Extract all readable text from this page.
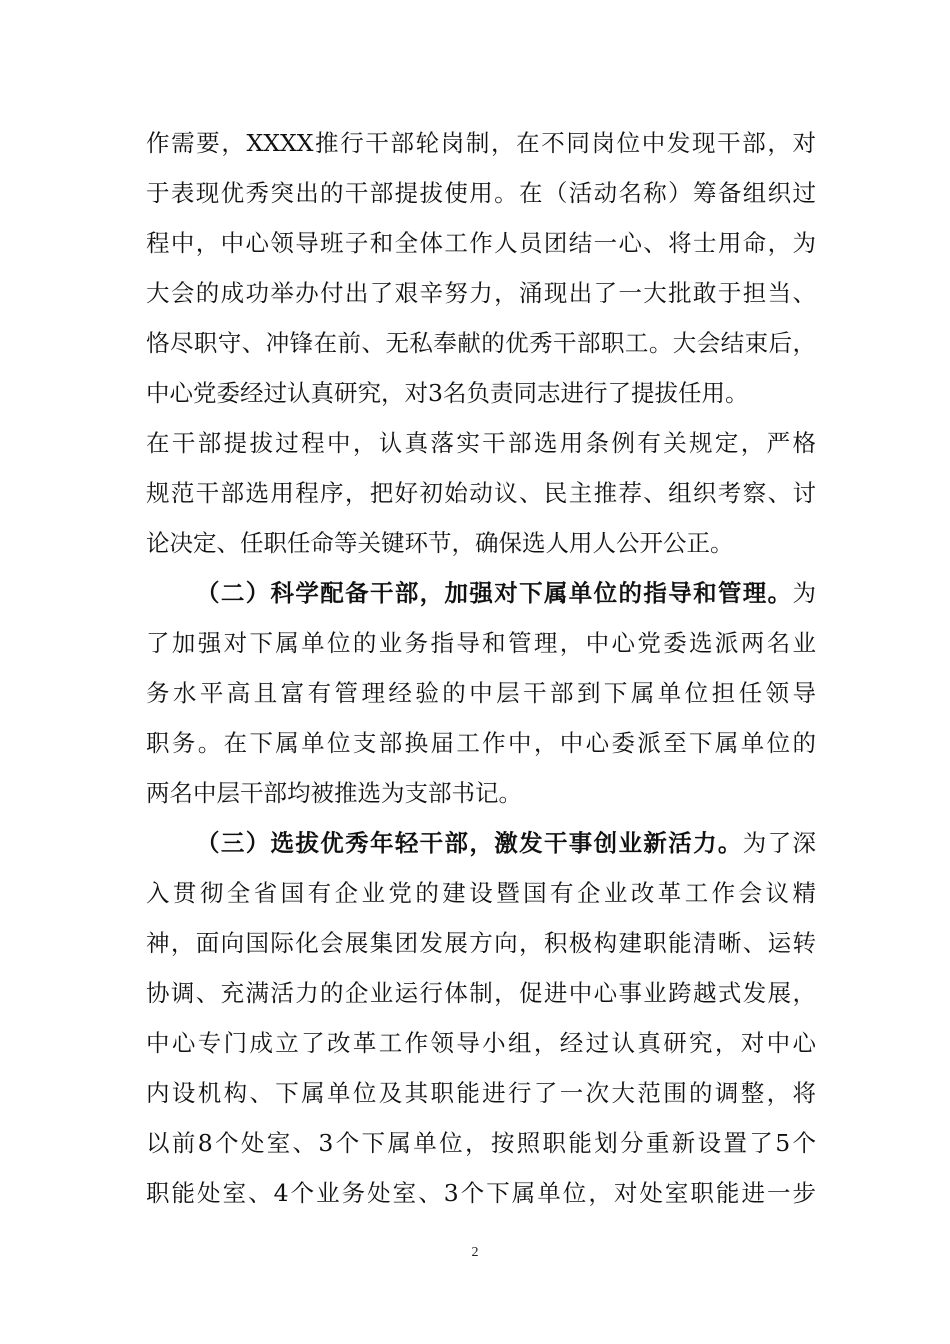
作需要，XXXX推行干部轮岗制，在不同岗位中发现干部，对
于表现优秀突出的干部提拔使用。在（活动名称）筹备组织过
程中，中心领导班子和全体工作人员团结一心、将士用命，为
大会的成功举办付出了艰辛努力，涌现出了一大批敢于担当、
恪尽职守、冲锋在前、无私奉献的优秀干部职工。大会结束后，
中心党委经过认真研究，对3名负责同志进行了提拔任用。
在干部提拔过程中，认真落实干部选用条例有关规定，严格
规范干部选用程序，把好初始动议、民主推荐、组织考察、讨
论决定、任职任命等关键环节，确保选人用人公开公正。
（二）科学配备干部，加强对下属单位的指导和管理。为
了加强对下属单位的业务指导和管理，中心党委选派两名业
务水平高且富有管理经验的中层干部到下属单位担任领导
职务。在下属单位支部换届工作中，中心委派至下属单位的
两名中层干部均被推选为支部书记。
（三）选拔优秀年轻干部，激发干事创业新活力。为了深
入贯彻全省国有企业党的建设暨国有企业改革工作会议精
神，面向国际化会展集团发展方向，积极构建职能清晰、运转
协调、充满活力的企业运行体制，促进中心事业跨越式发展，
中心专门成立了改革工作领导小组，经过认真研究，对中心
内设机构、下属单位及其职能进行了一次大范围的调整，将
以前8个处室、3个下属单位，按照职能划分重新设置了5个
职能处室、4个业务处室、3个下属单位，对处室职能进一步
2
